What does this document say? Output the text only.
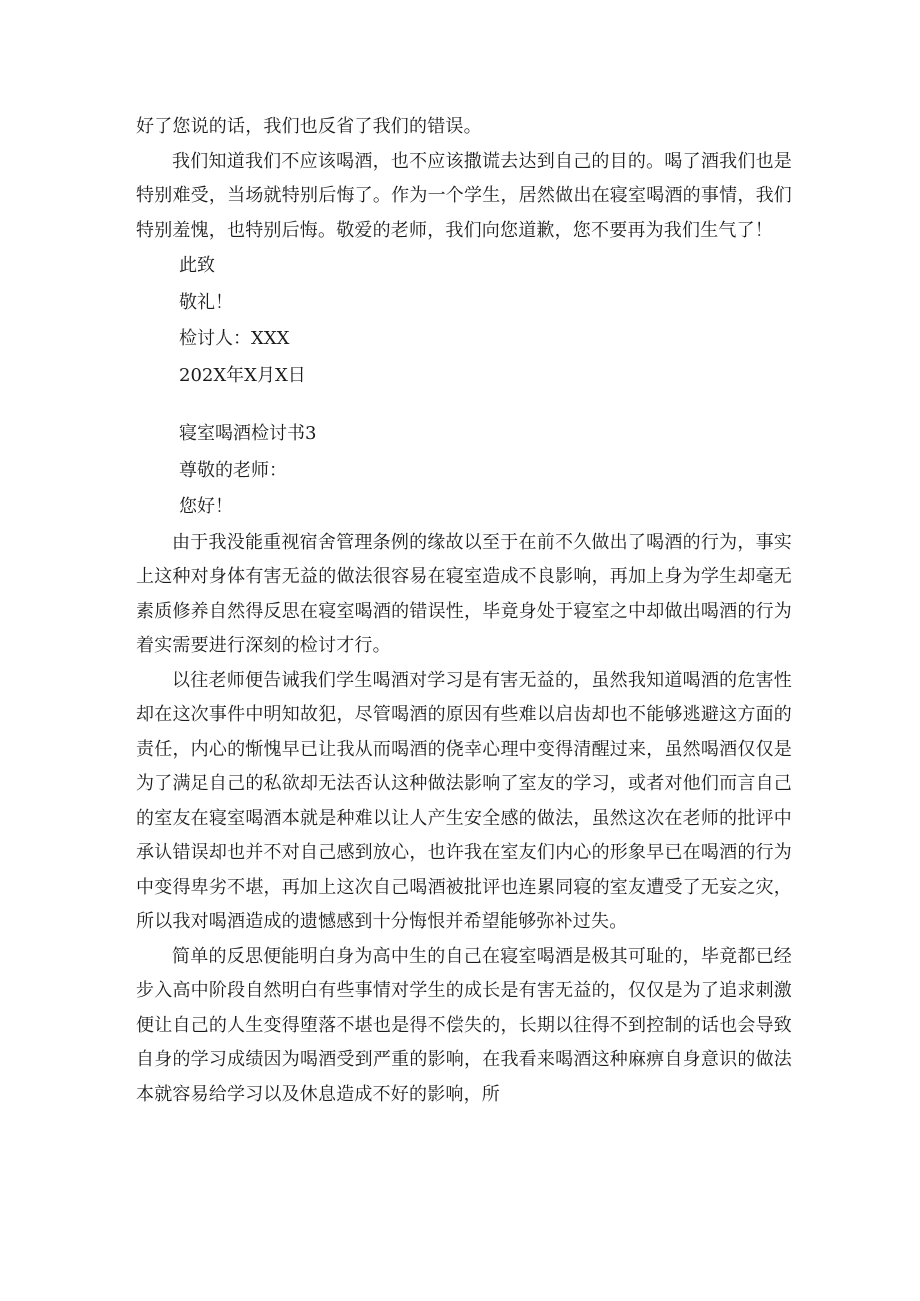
好了您说的话，我们也反省了我们的错误。

我们知道我们不应该喝酒，也不应该撒谎去达到自己的目的。喝了酒我们也是特别难受，当场就特别后悔了。作为一个学生，居然做出在寝室喝酒的事情，我们特别羞愧，也特别后悔。敬爱的老师，我们向您道歉，您不要再为我们生气了！

此致

敬礼！

检讨人：XXX

202X年X月X日

寝室喝酒检讨书3

尊敬的老师：

您好！

由于我没能重视宿舍管理条例的缘故以至于在前不久做出了喝酒的行为，事实上这种对身体有害无益的做法很容易在寝室造成不良影响，再加上身为学生却毫无素质修养自然得反思在寝室喝酒的错误性，毕竟身处于寝室之中却做出喝酒的行为着实需要进行深刻的检讨才行。

以往老师便告诫我们学生喝酒对学习是有害无益的，虽然我知道喝酒的危害性却在这次事件中明知故犯，尽管喝酒的原因有些难以启齿却也不能够逃避这方面的责任，内心的惭愧早已让我从而喝酒的侥幸心理中变得清醒过来，虽然喝酒仅仅是为了满足自己的私欲却无法否认这种做法影响了室友的学习，或者对他们而言自己的室友在寝室喝酒本就是种难以让人产生安全感的做法，虽然这次在老师的批评中承认错误却也并不对自己感到放心，也许我在室友们内心的形象早已在喝酒的行为中变得卑劣不堪，再加上这次自己喝酒被批评也连累同寝的室友遭受了无妄之灾，所以我对喝酒造成的遗憾感到十分悔恨并希望能够弥补过失。

简单的反思便能明白身为高中生的自己在寝室喝酒是极其可耻的，毕竟都已经步入高中阶段自然明白有些事情对学生的成长是有害无益的，仅仅是为了追求刺激便让自己的人生变得堕落不堪也是得不偿失的，长期以往得不到控制的话也会导致自身的学习成绩因为喝酒受到严重的影响，在我看来喝酒这种麻痹自身意识的做法本就容易给学习以及休息造成不好的影响，所
